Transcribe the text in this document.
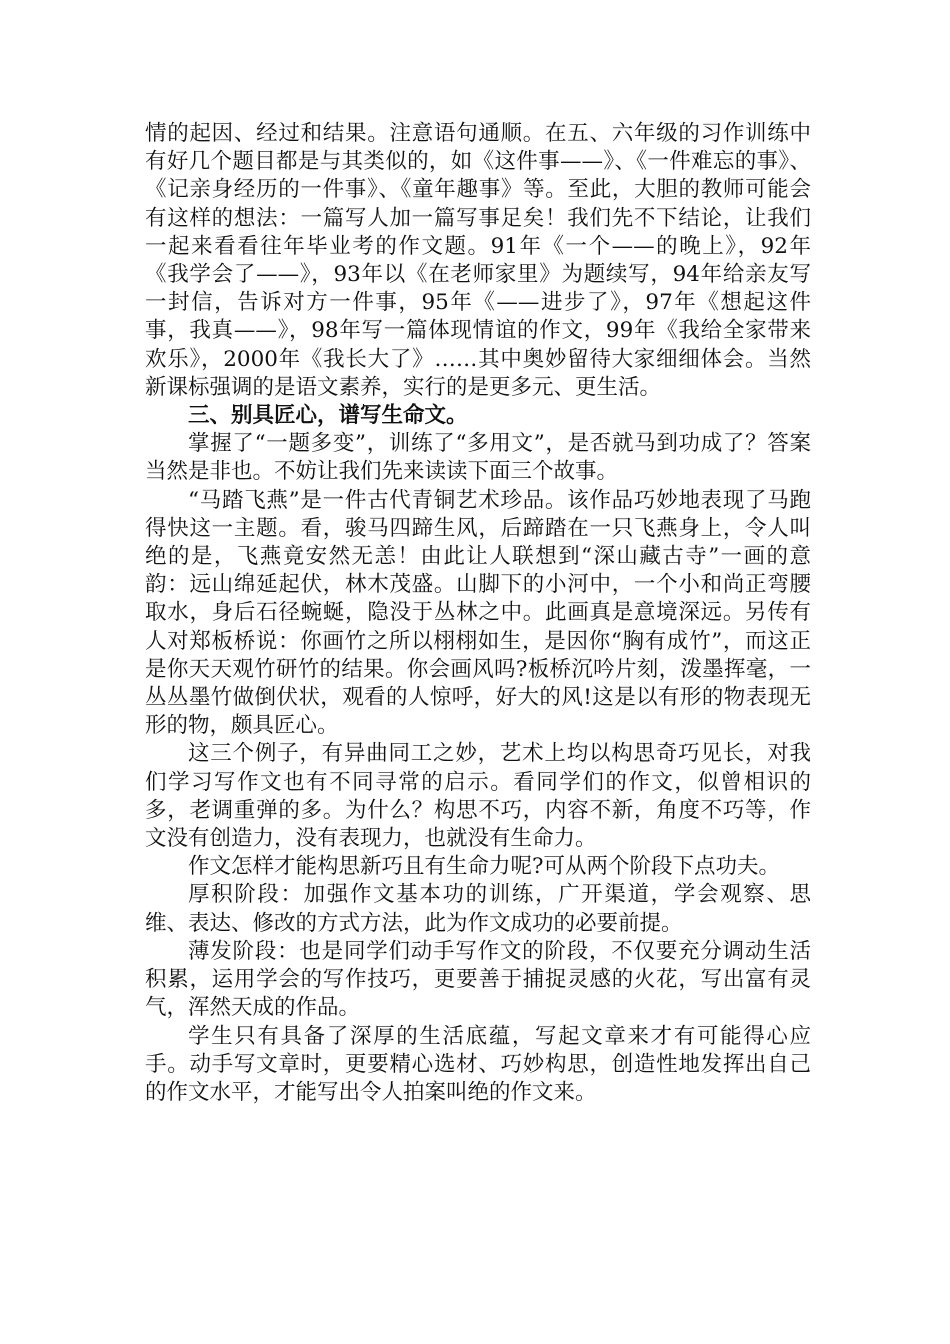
情的起因、经过和结果。注意语句通顺。在五、六年级的习作训练中有好几个题目都是与其类似的，如《这件事——》、《一件难忘的事》、《记亲身经历的一件事》、《童年趣事》等。至此，大胆的教师可能会有这样的想法：一篇写人加一篇写事足矣！我们先不下结论，让我们一起来看看往年毕业考的作文题。91年《一个——的晚上》，92年《我学会了——》，93年以《在老师家里》为题续写，94年给亲友写一封信，告诉对方一件事，95年《——进步了》，97年《想起这件事，我真——》，98年写一篇体现情谊的作文，99年《我给全家带来欢乐》，2000年《我长大了》……其中奥妙留待大家细细体会。当然新课标强调的是语文素养，实行的是更多元、更生活。

三、别具匠心，谱写生命文。

掌握了“一题多变”，训练了“多用文”，是否就马到功成了？答案当然是非也。不妨让我们先来读读下面三个故事。

“马踏飞燕”是一件古代青铜艺术珍品。该作品巧妙地表现了马跑得快这一主题。看，骏马四蹄生风，后蹄踏在一只飞燕身上，令人叫绝的是，飞燕竟安然无恙！由此让人联想到“深山藏古寺”一画的意韵：远山绵延起伏，林木茂盛。山脚下的小河中，一个小和尚正弯腰取水，身后石径蜿蜒，隐没于丛林之中。此画真是意境深远。另传有人对郑板桥说：你画竹之所以栩栩如生，是因你“胸有成竹”，而这正是你天天观竹研竹的结果。你会画风吗?板桥沉吟片刻，泼墨挥毫，一丛丛墨竹做倒伏状，观看的人惊呼，好大的风!这是以有形的物表现无形的物，颇具匠心。

这三个例子，有异曲同工之妙，艺术上均以构思奇巧见长，对我们学习写作文也有不同寻常的启示。看同学们的作文，似曾相识的多，老调重弹的多。为什么？构思不巧，内容不新，角度不巧等，作文没有创造力，没有表现力，也就没有生命力。

作文怎样才能构思新巧且有生命力呢?可从两个阶段下点功夫。

厚积阶段：加强作文基本功的训练，广开渠道，学会观察、思维、表达、修改的方式方法，此为作文成功的必要前提。

薄发阶段：也是同学们动手写作文的阶段，不仅要充分调动生活积累，运用学会的写作技巧，更要善于捕捉灵感的火花，写出富有灵气，浑然天成的作品。

学生只有具备了深厚的生活底蕴，写起文章来才有可能得心应手。动手写文章时，更要精心选材、巧妙构思，创造性地发挥出自己的作文水平，才能写出令人拍案叫绝的作文来。
